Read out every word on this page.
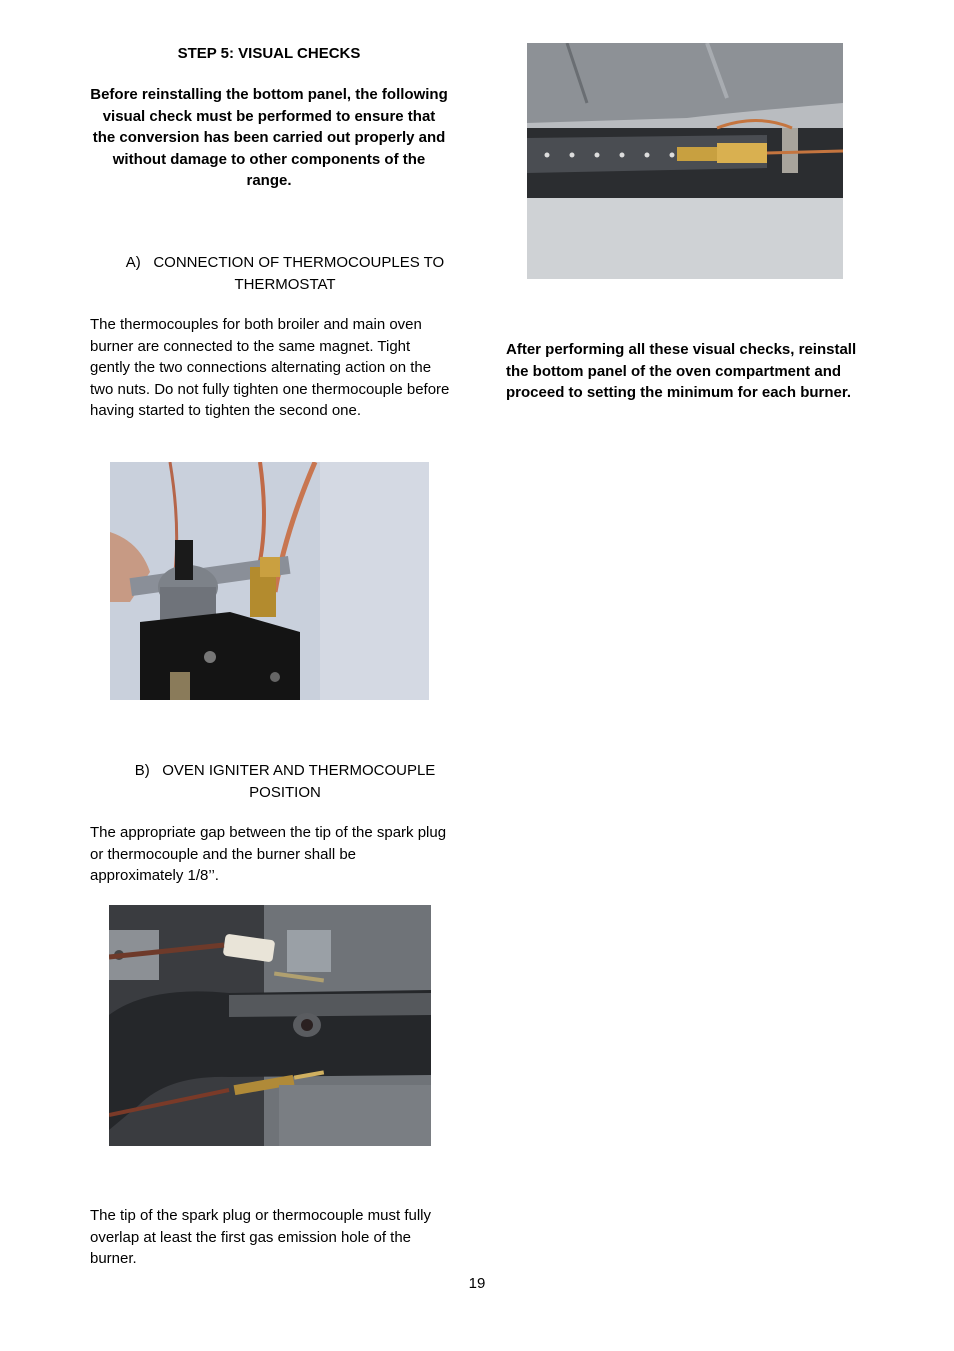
STEP 5: VISUAL CHECKS
Before reinstalling the bottom panel, the following visual check must be performed to ensure that the conversion has been carried out properly and without damage to other components of the range.
A) CONNECTION OF THERMOCOUPLES TO
THERMOSTAT
The thermocouples for both broiler and main oven burner are connected to the same magnet. Tight gently the two connections alternating action on the two nuts. Do not fully tighten one thermocouple before having started to tighten the second one.
B) OVEN IGNITER AND THERMOCOUPLE
POSITION
The appropriate gap between the tip of the spark plug or thermocouple and the burner shall be approximately 1/8’’.
The tip of the spark plug or thermocouple must fully overlap at least the first gas emission hole of the burner.
After performing all these visual checks, reinstall the bottom panel of the oven compartment and proceed to setting the minimum for each burner.
19
